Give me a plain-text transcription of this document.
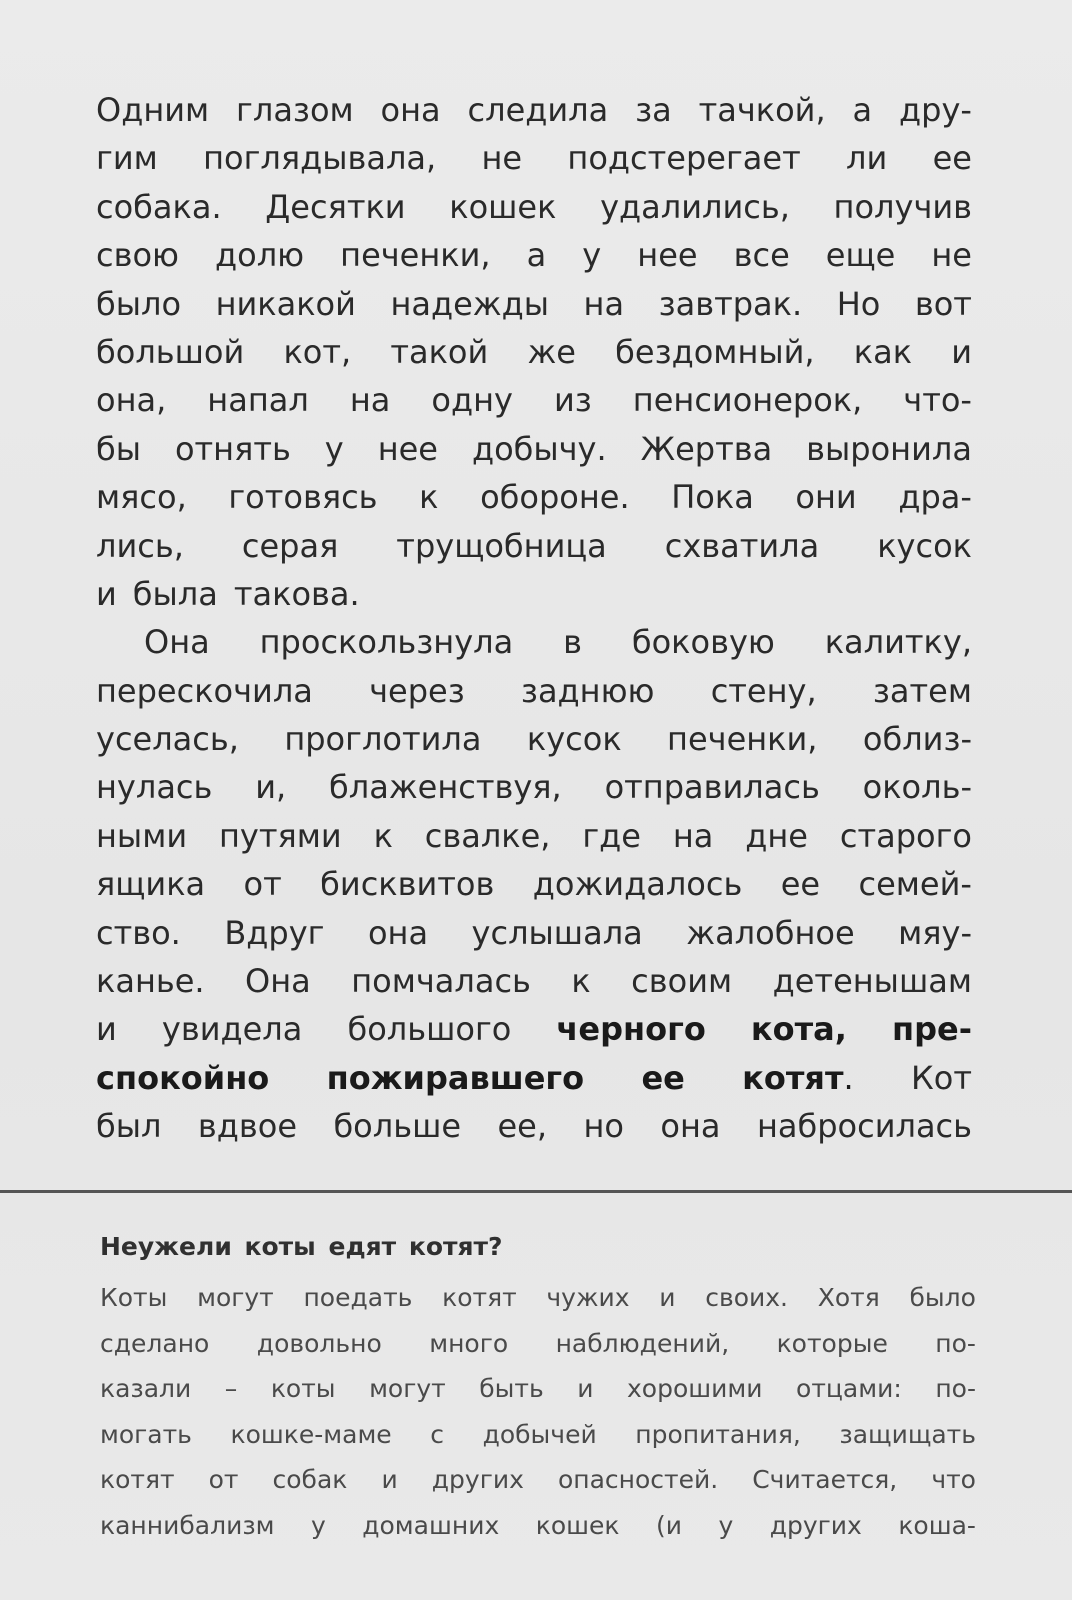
Одним глазом она следила за тачкой, а дру-
гим поглядывала, не подстерегает ли ее
собака. Десятки кошек удалились, получив
свою долю печенки, а у нее все еще не
было никакой надежды на завтрак. Но вот
большой кот, такой же бездомный, как и
она, напал на одну из пенсионерок, что-
бы отнять у нее добычу. Жертва выронила
мясо, готовясь к обороне. Пока они дра-
лись, серая трущобница схватила кусок
и была такова.
Она проскользнула в боковую калитку,
перескочила через заднюю стену, затем
уселась, проглотила кусок печенки, облиз-
нулась и, блаженствуя, отправилась околь-
ными путями к свалке, где на дне старого
ящика от бисквитов дожидалось ее семей-
ство. Вдруг она услышала жалобное мяу-
канье. Она помчалась к своим детенышам
и увидела большого черного кота, пре-
спокойно пожиравшего ее котят. Кот
был вдвое больше ее, но она набросилась
Неужели коты едят котят?
Коты могут поедать котят чужих и своих. Хотя было
сделано довольно много наблюдений, которые по-
казали – коты могут быть и хорошими отцами: по-
могать кошке-маме с добычей пропитания, защищать
котят от собак и других опасностей. Считается, что
каннибализм у домашних кошек (и у других коша-
